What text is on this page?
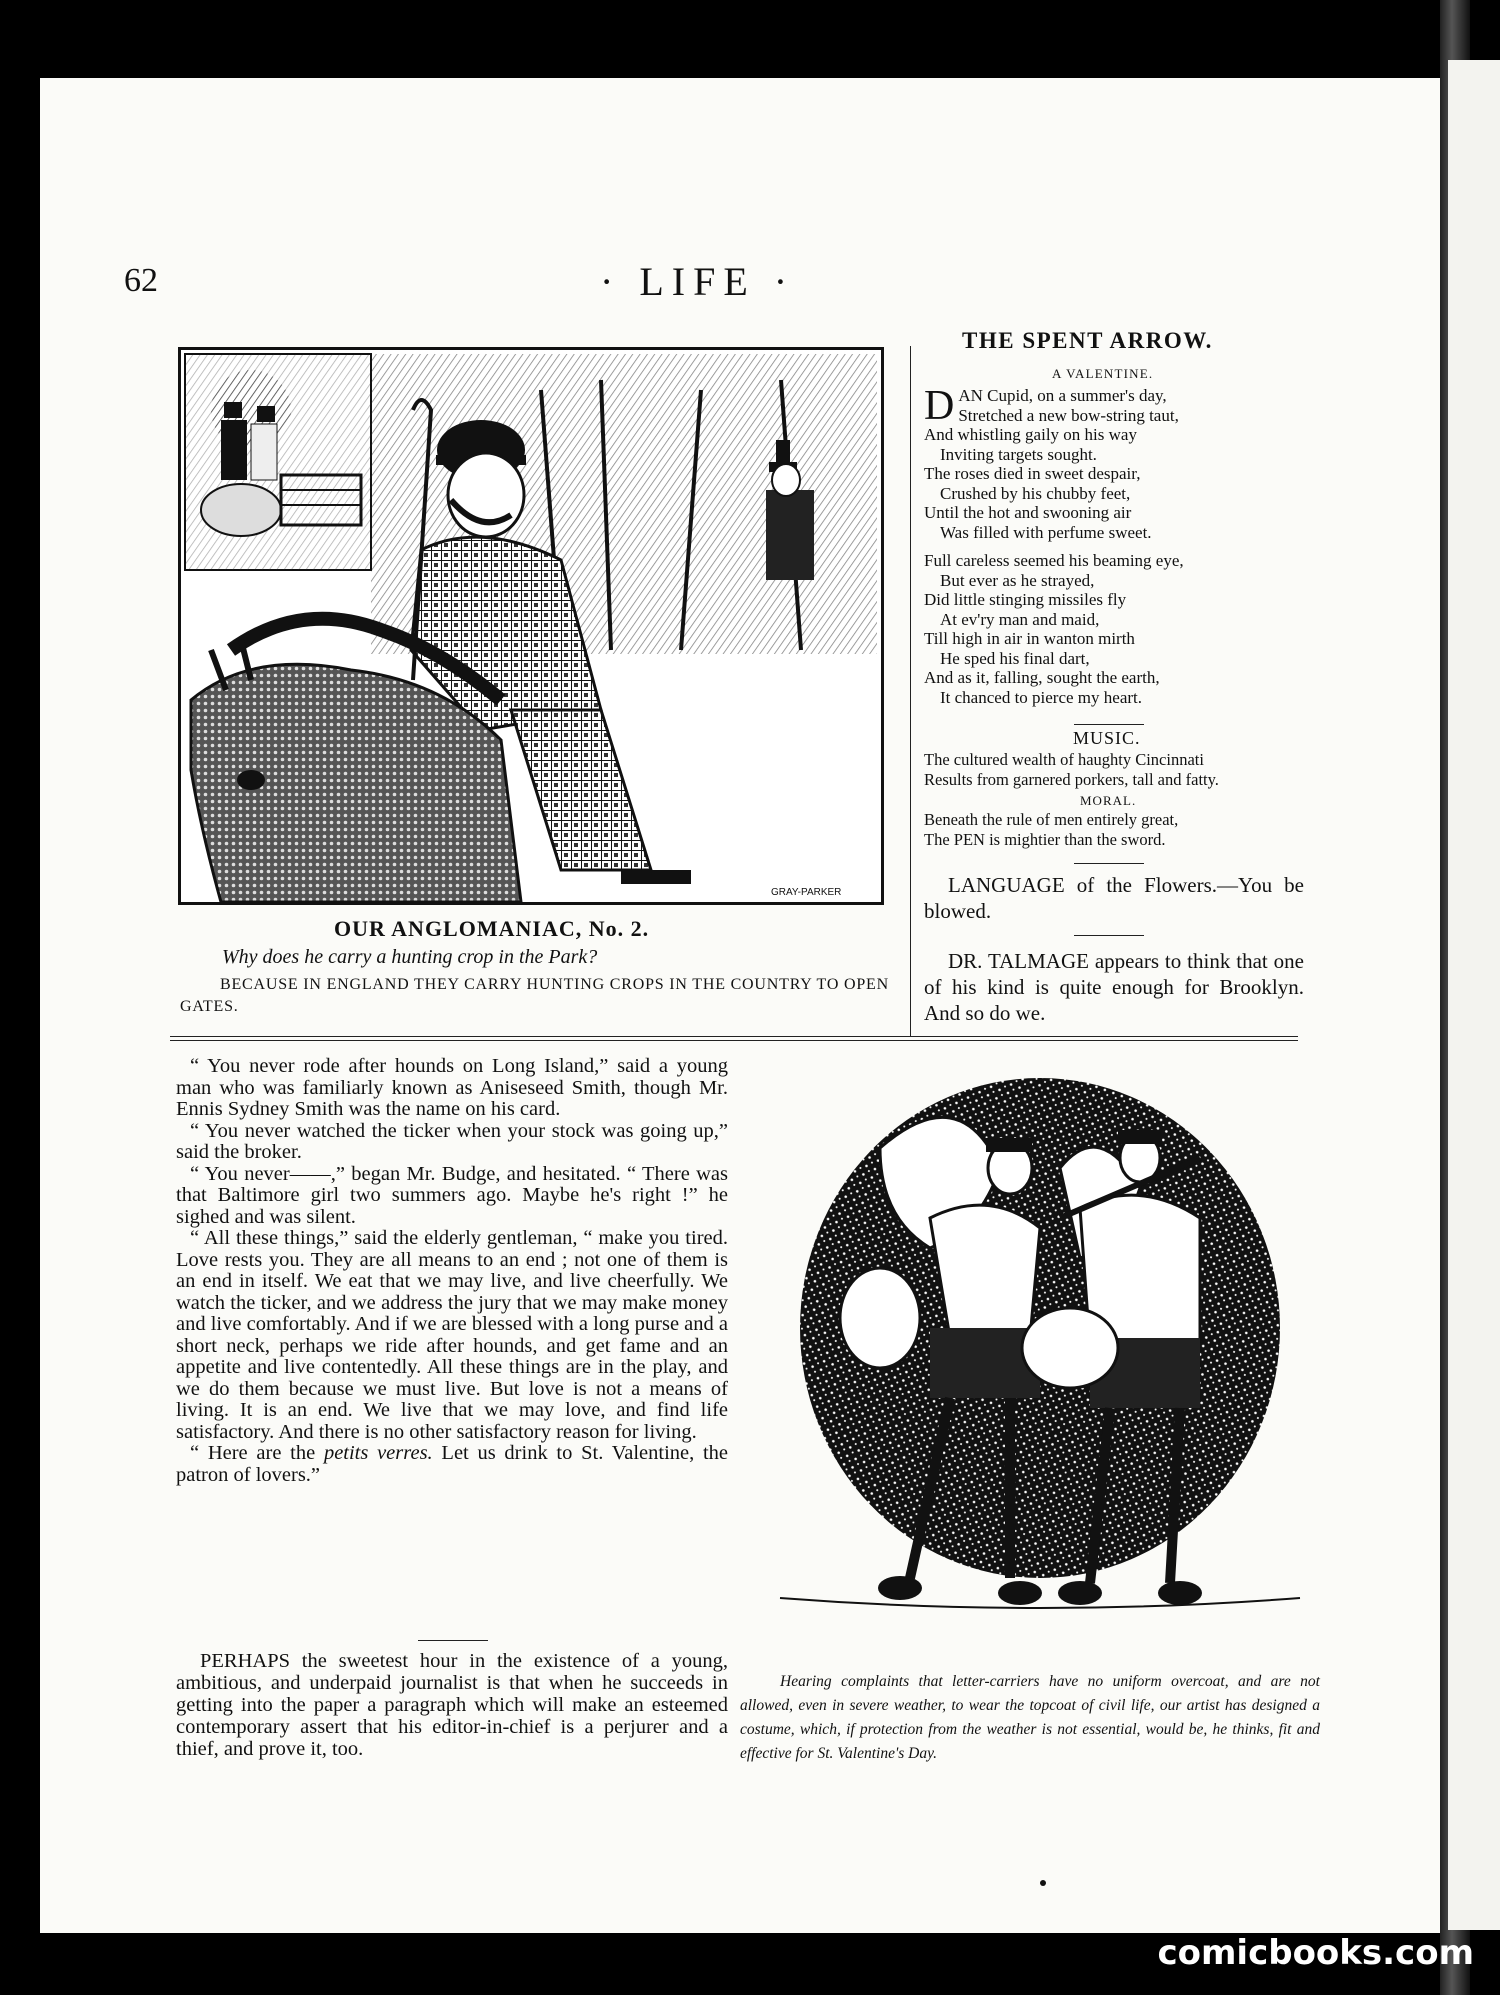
62	· LIFE ·
GRAY-PARKER
OUR ANGLOMANIAC, No. 2.
Why does he carry a hunting crop in the Park?
BECAUSE IN ENGLAND THEY CARRY HUNTING CROPS IN THE COUNTRY TO OPEN GATES.
THE SPENT ARROW.
A VALENTINE.
D AN Cupid, on a summer's day,
Stretched a new bow-string taut,
And whistling gaily on his way
Inviting targets sought.
The roses died in sweet despair,
Crushed by his chubby feet,
Until the hot and swooning air
Was filled with perfume sweet.
Full careless seemed his beaming eye,
But ever as he strayed,
Did little stinging missiles fly
At ev'ry man and maid,
Till high in air in wanton mirth
He sped his final dart,
And as it, falling, sought the earth,
It chanced to pierce my heart.
MUSIC.
The cultured wealth of haughty Cincinnati
Results from garnered porkers, tall and fatty.
MORAL.
Beneath the rule of men entirely great,
The PEN is mightier than the sword.
LANGUAGE of the Flowers.—You be blowed.
DR. TALMAGE appears to think that one of his kind is quite enough for Brooklyn. And so do we.

“ You never rode after hounds on Long Island,” said a young man who was familiarly known as Aniseseed Smith, though Mr. Ennis Sydney Smith was the name on his card.

“ You never watched the ticker when your stock was going up,” said the broker.

“ You never——,” began Mr. Budge, and hesitated. “ There was that Baltimore girl two summers ago. Maybe he's right !” he sighed and was silent.

“ All these things,” said the elderly gentleman, “ make you tired. Love rests you. They are all means to an end ; not one of them is an end in itself. We eat that we may live, and live cheerfully. We watch the ticker, and we address the jury that we may make money and live comfortably. And if we are blessed with a long purse and a short neck, perhaps we ride after hounds, and get fame and an appetite and live contentedly. All these things are in the play, and we do them because we must live. But love is not a means of living. It is an end. We live that we may love, and find life satisfactory. And there is no other satisfactory reason for living.

“ Here are the petits verres. Let us drink to St. Valentine, the patron of lovers.”

PERHAPS the sweetest hour in the existence of a young, ambitious, and underpaid journalist is that when he succeeds in getting into the paper a paragraph which will make an esteemed contemporary assert that his editor-in-chief is a perjurer and a thief, and prove it, too.
Hearing complaints that letter-carriers have no uniform overcoat, and are not allowed, even in severe weather, to wear the topcoat of civil life, our artist has designed a costume, which, if protection from the weather is not essential, would be, he thinks, fit and effective for St. Valentine's Day.
comicbooks.com
